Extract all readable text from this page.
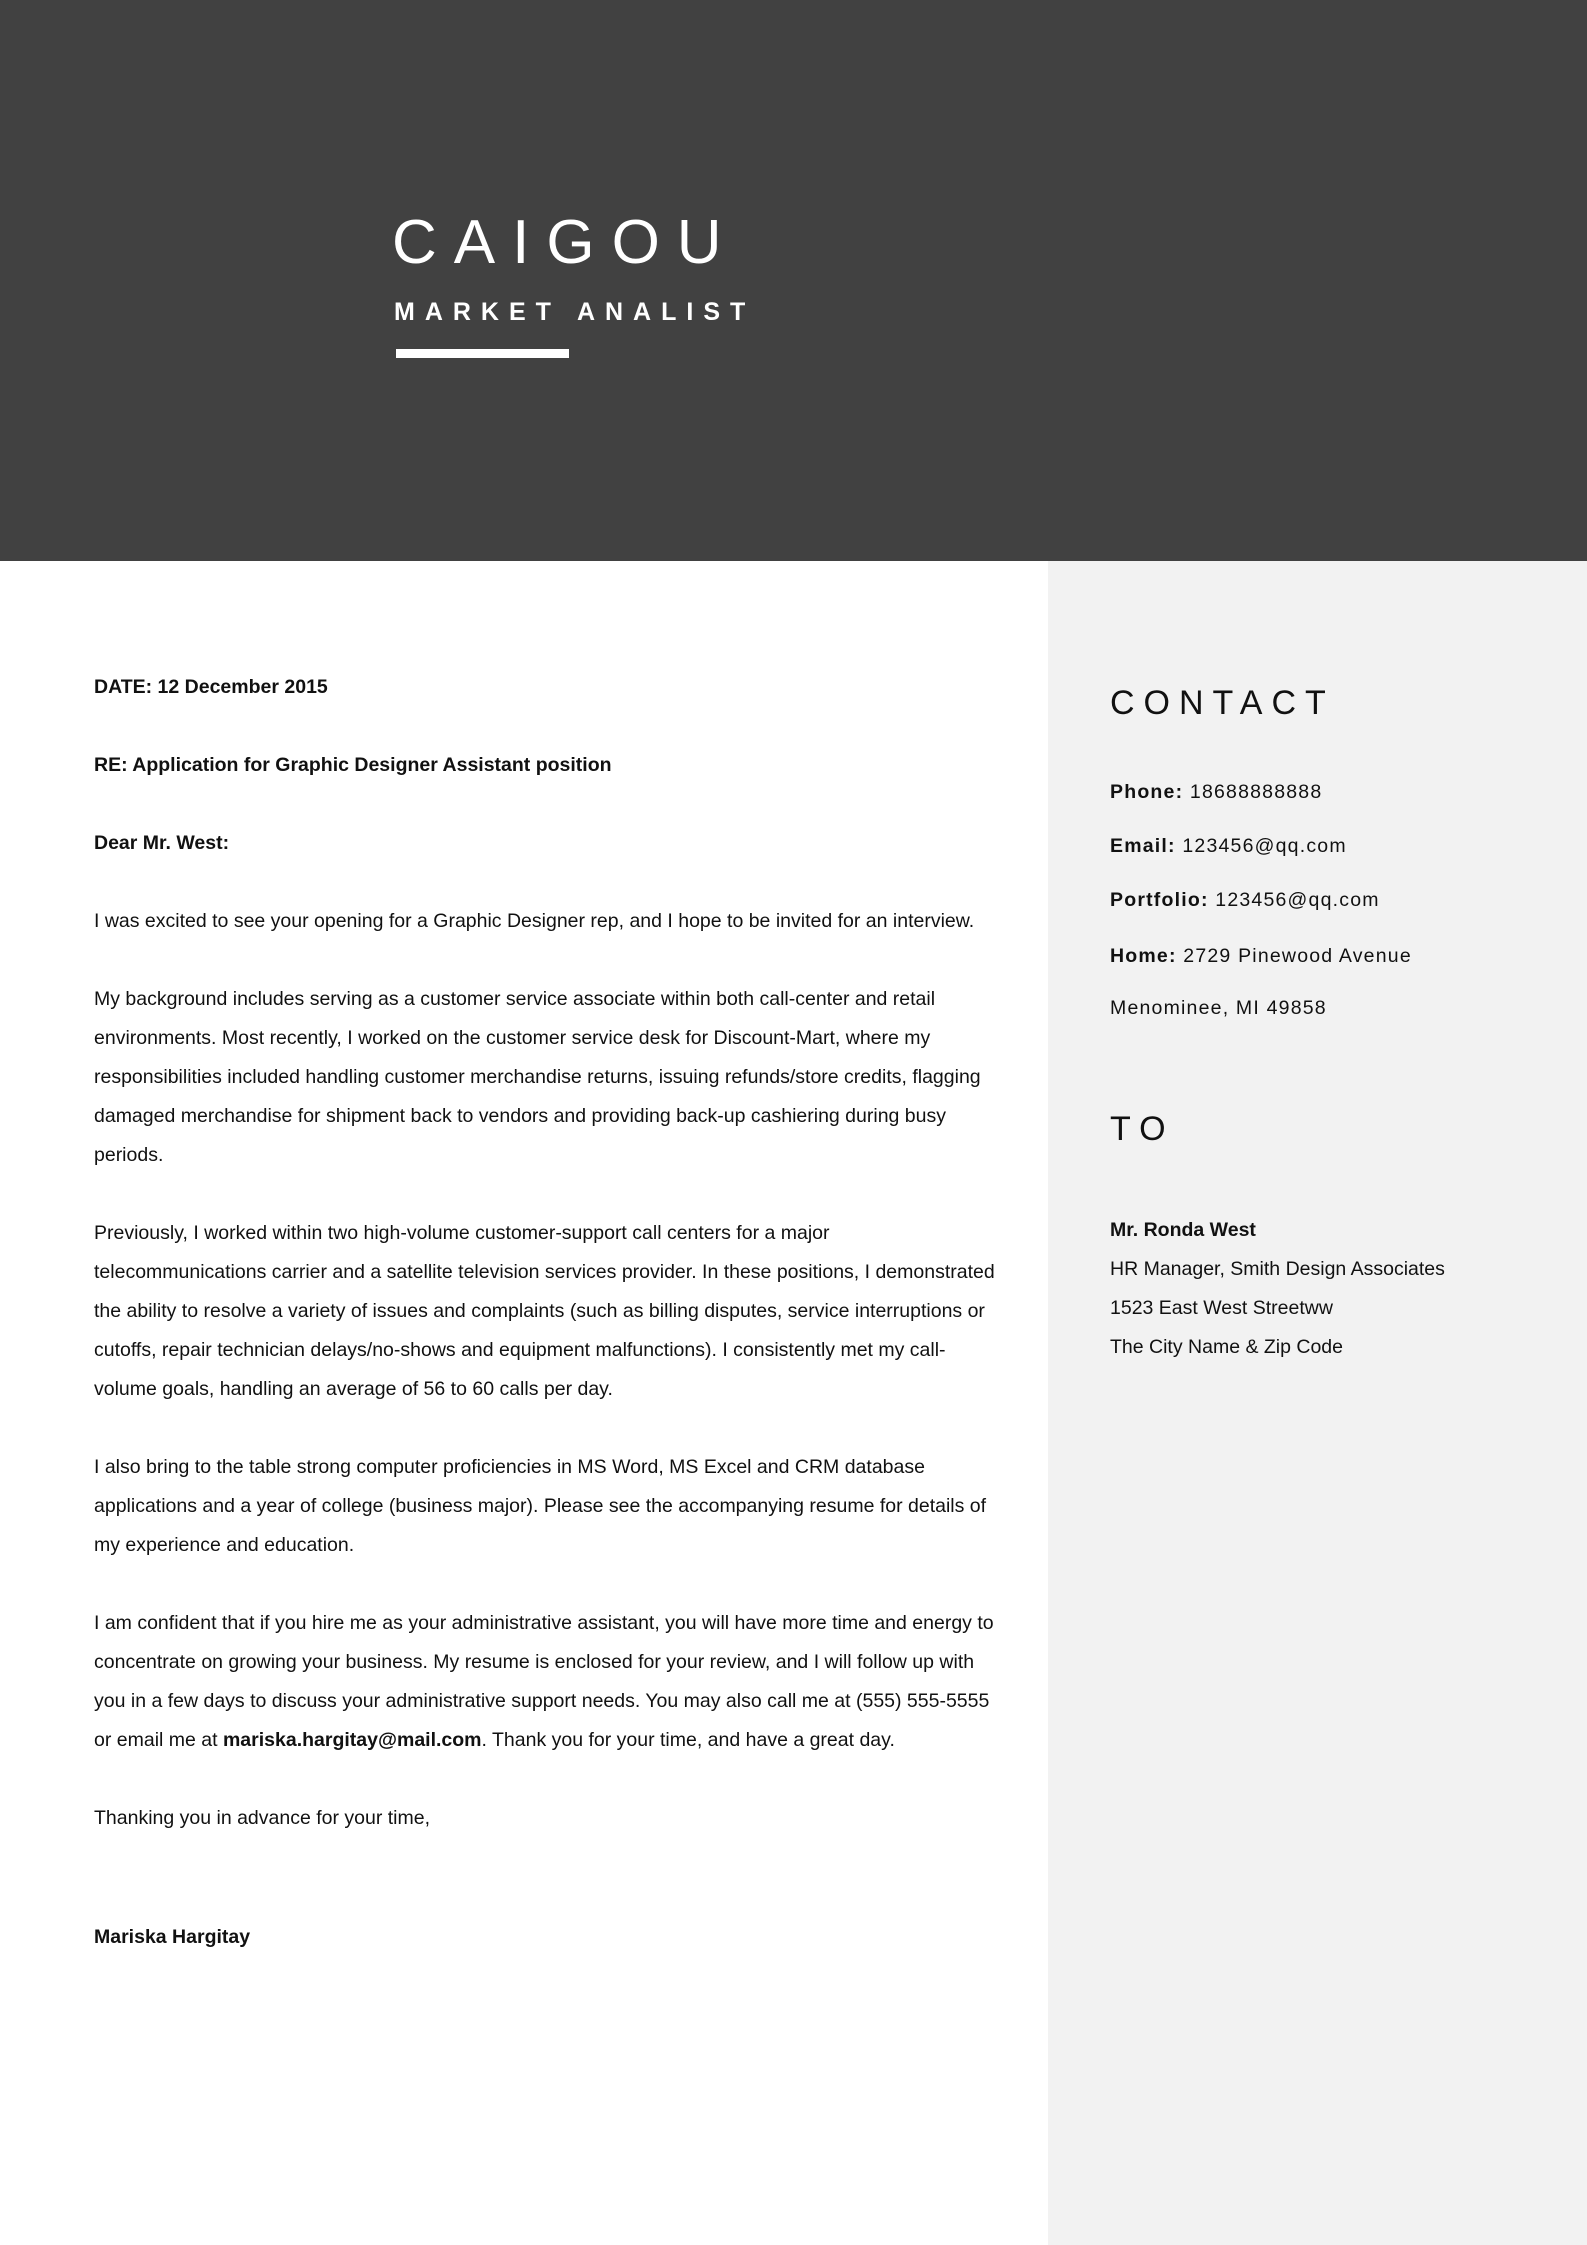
CAIGOU
MARKET ANALIST

DATE: 12 December 2015

RE: Application for Graphic Designer Assistant position

Dear Mr. West:

I was excited to see your opening for a Graphic Designer rep, and I hope to be invited for an interview.

My background includes serving as a customer service associate within both call-center and retail environments. Most recently, I worked on the customer service desk for Discount-Mart, where my responsibilities included handling customer merchandise returns, issuing refunds/store credits, flagging damaged merchandise for shipment back to vendors and providing back-up cashiering during busy periods.

Previously, I worked within two high-volume customer-support call centers for a major telecommunications carrier and a satellite television services provider. In these positions, I demonstrated the ability to resolve a variety of issues and complaints (such as billing disputes, service interruptions or cutoffs, repair technician delays/no-shows and equipment malfunctions). I consistently met my call-volume goals, handling an average of 56 to 60 calls per day.

I also bring to the table strong computer proficiencies in MS Word, MS Excel and CRM database applications and a year of college (business major). Please see the accompanying resume for details of my experience and education.

I am confident that if you hire me as your administrative assistant, you will have more time and energy to concentrate on growing your business. My resume is enclosed for your review, and I will follow up with you in a few days to discuss your administrative support needs. You may also call me at (555) 555-5555 or email me at mariska.hargitay@mail.com. Thank you for your time, and have a great day.

Thanking you in advance for your time,

Mariska Hargitay
CONTACT
Phone: 18688888888
Email: 123456@qq.com
Portfolio: 123456@qq.com
Home: 2729 Pinewood Avenue
Menominee, MI 49858
TO
Mr. Ronda West
HR Manager, Smith Design Associates
1523 East West Streetww
The City Name & Zip Code
